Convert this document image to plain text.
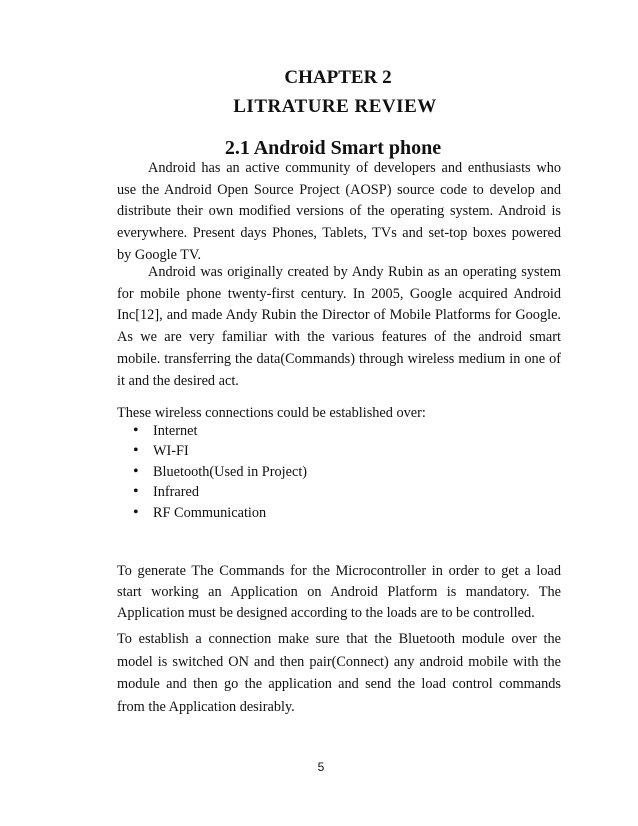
CHAPTER 2
LITRATURE REVIEW
2.1 Android Smart phone

Android has an active community of developers and enthusiasts who use the Android Open Source Project (AOSP) source code to develop and distribute their own modified versions of the operating system. Android is everywhere. Present days Phones, Tablets, TVs and set-top boxes powered by Google TV.

Android was originally created by Andy Rubin as an operating system for mobile phone twenty-first century. In 2005, Google acquired Android Inc[12], and made Andy Rubin the Director of Mobile Platforms for Google. As we are very familiar with the various features of the android smart mobile. transferring the data(Commands) through wireless medium in one of it and the desired act.

These wireless connections could be established over:

• Internet
• WI-FI
• Bluetooth(Used in Project)
• Infrared
• RF Communication

To generate The Commands for the Microcontroller in order to get a load start working an Application on Android Platform is mandatory. The Application must be designed according to the loads are to be controlled.

To establish a connection make sure that the Bluetooth module over the model is switched ON and then pair(Connect) any android mobile with the module and then go the application and send the load control commands from the Application desirably.

5
